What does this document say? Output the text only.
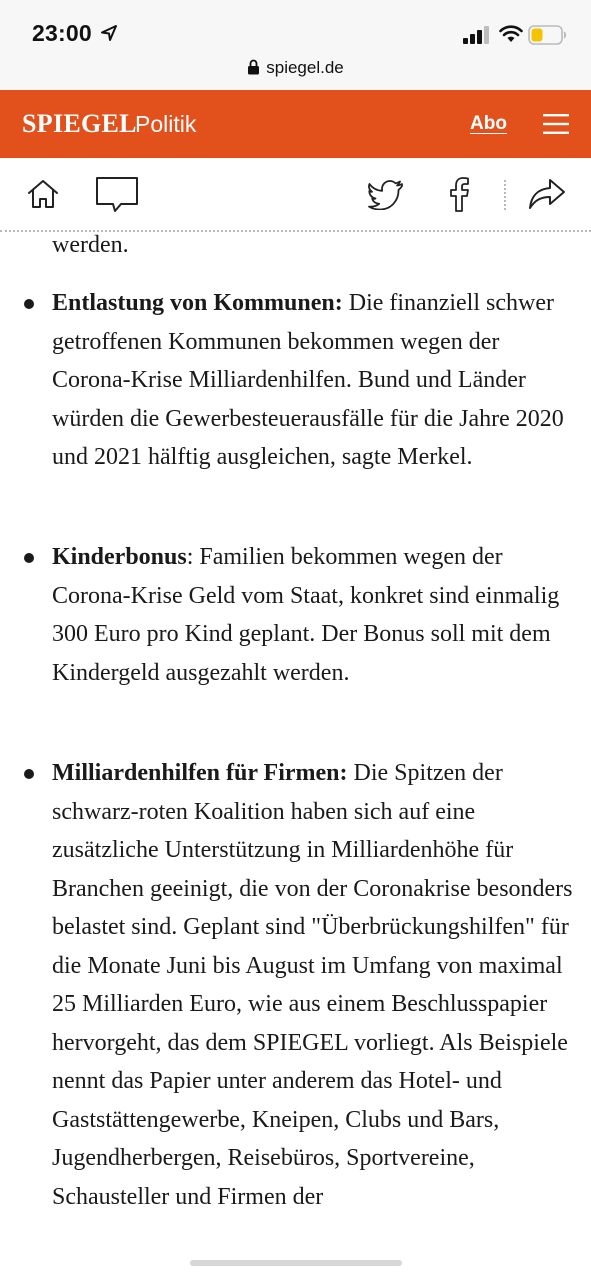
23:00
spiegel.de
SPIEGEL
Politik	Abo

werden.

Entlastung von Kommunen: Die finanziell schwer getroffenen Kommunen bekommen wegen der Corona-Krise Milliardenhilfen. Bund und Länder würden die Gewerbesteuerausfälle für die Jahre 2020 und 2021 hälftig ausgleichen, sagte Merkel.

Kinderbonus: Familien bekommen wegen der Corona-Krise Geld vom Staat, konkret sind einmalig 300 Euro pro Kind geplant. Der Bonus soll mit dem Kindergeld ausgezahlt werden.

Milliardenhilfen für Firmen: Die Spitzen der schwarz-roten Koalition haben sich auf eine zusätzliche Unterstützung in Milliardenhöhe für Branchen geeinigt, die von der Coronakrise besonders belastet sind. Geplant sind "Überbrückungshilfen" für die Monate Juni bis August im Umfang von maximal 25 Milliarden Euro, wie aus einem Beschlusspapier hervorgeht, das dem SPIEGEL vorliegt. Als Beispiele nennt das Papier unter anderem das Hotel- und Gaststättengewerbe, Kneipen, Clubs und Bars, Jugendherbergen, Reisebüros, Sportvereine, Schausteller und Firmen der
